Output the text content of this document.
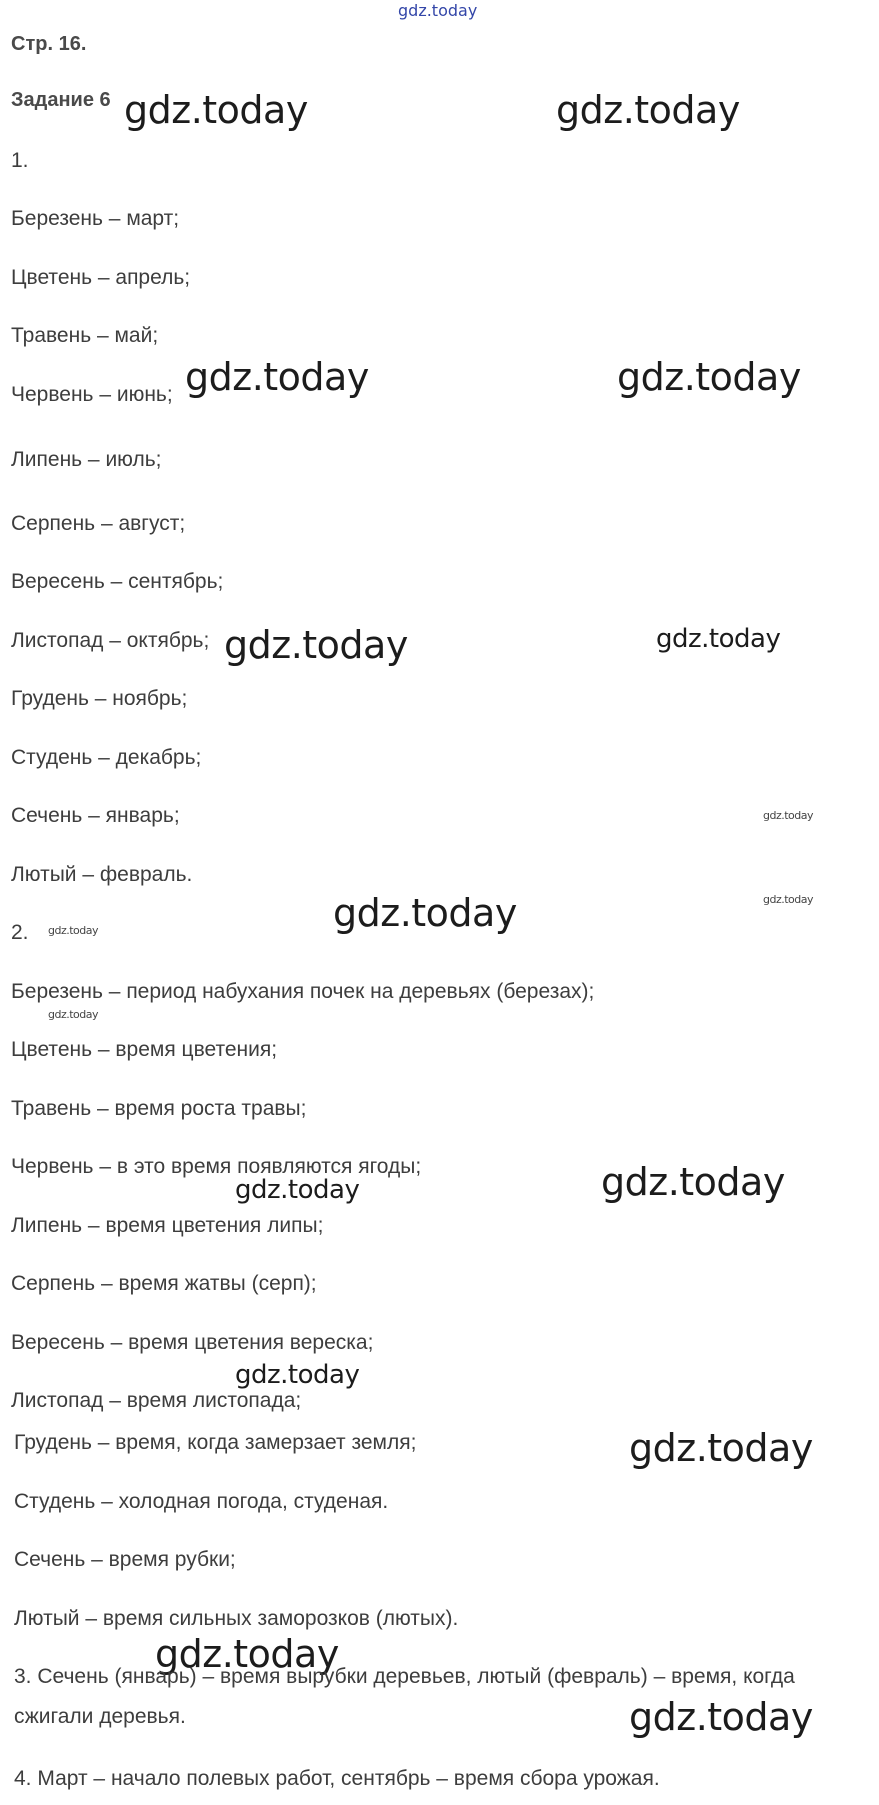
gdz.today
gdz.today	gdz.today
gdz.today	gdz.today
gdz.today	gdz.today
gdz.today
gdz.today
gdz.today
gdz.today
gdz.today
gdz.today
gdz.today
gdz.today
gdz.today
gdz.today
gdz.today
Стр. 16.
Задание 6
1.
Березень – март;
Цветень – апрель;
Травень – май;
Червень – июнь;
Липень – июль;
Серпень – август;
Вересень – сентябрь;
Листопад – октябрь;
Грудень – ноябрь;
Студень – декабрь;
Сечень – январь;
Лютый – февраль.
2.
Березень – период набухания почек на деревьях (березах);
Цветень – время цветения;
Травень – время роста травы;
Червень – в это время появляются ягоды;
Липень – время цветения липы;
Серпень – время жатвы (серп);
Вересень – время цветения вереска;
Листопад – время листопада;
Грудень – время, когда замерзает земля;
Студень – холодная погода, студеная.
Сечень – время рубки;
Лютый – время сильных заморозков (лютых).
3. Сечень (январь) – время вырубки деревьев, лютый (февраль) – время, когда сжигали деревья.
4. Март – начало полевых работ, сентябрь – время сбора урожая.
